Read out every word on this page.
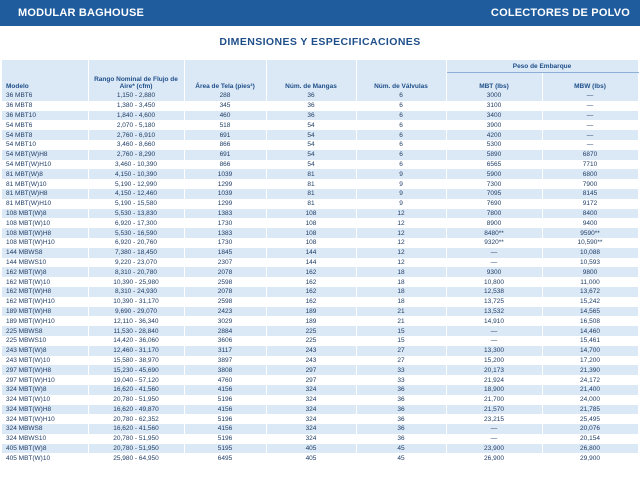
MODULAR BAGHOUSE	COLECTORES DE POLVO
DIMENSIONES Y ESPECIFICACIONES
Modelo	Rango Nominal de Flujo de Aire* (cfm)	Área de Tela (pies²)	Núm. de Mangas	Núm. de Válvulas	Peso de Embarque	
					MBT (lbs)	MBW (lbs)
36 MBT6	1,150 - 2,880	288	36	6	3000	—
36 MBT8	1,380 - 3,450	345	36	6	3100	—
36 MBT10	1,840 - 4,600	460	36	6	3400	—
54 MBT6	2,070 - 5,180	518	54	6	3900	—
54 MBT8	2,760 - 6,910	691	54	6	4200	—
54 MBT10	3,460 - 8,660	866	54	6	5300	—
54 MBT(W)H8	2,760 - 8,290	691	54	6	5890	6870
54 MBT(W)H10	3,460 - 10,390	866	54	6	6565	7710
81 MBT(W)8	4,150 - 10,390	1039	81	9	5900	6800
81 MBT(W)10	5,190 - 12,990	1299	81	9	7300	7900
81 MBT(W)H8	4,150 - 12,460	1039	81	9	7095	8145
81 MBT(W)H10	5,190 - 15,580	1299	81	9	7690	9172
108 MBT(W)8	5,530 - 13,830	1383	108	12	7800	8400
108 MBT(W)10	6,920 - 17,300	1730	108	12	8900	9400
108 MBT(W)H8	5,530 - 16,590	1383	108	12	8480**	9590**
108 MBT(W)H10	6,920 - 20,760	1730	108	12	9320**	10,590**
144 MBWS8	7,380 - 18,450	1845	144	12	—	10,088
144 MBWS10	9,220 - 23,070	2307	144	12	—	10,593
162 MBT(W)8	8,310 - 20,780	2078	162	18	9300	9800
162 MBT(W)10	10,390 - 25,980	2598	162	18	10,800	11,000
162 MBT(W)H8	8,310 - 24,930	2078	162	18	12,538	13,672
162 MBT(W)H10	10,390 - 31,170	2598	162	18	13,725	15,242
189 MBT(W)H8	9,690 - 29,070	2423	189	21	13,532	14,565
189 MBT(W)H10	12,110 - 36,340	3029	189	21	14,910	16,508
225 MBWS8	11,530 - 28,840	2884	225	15	—	14,460
225 MBWS10	14,420 - 36,060	3606	225	15	—	15,461
243 MBT(W)8	12,460 - 31,170	3117	243	27	13,300	14,700
243 MBT(W)10	15,580 - 38,970	3897	243	27	15,200	17,200
297 MBT(W)H8	15,230 - 45,690	3808	297	33	20,173	21,390
297 MBT(W)H10	19,040 - 57,120	4760	297	33	21,924	24,172
324 MBT(W)8	16,620 - 41,560	4156	324	36	18,900	21,400
324 MBT(W)10	20,780 - 51,950	5196	324	36	21,700	24,000
324 MBT(W)H8	16,620 - 49,870	4156	324	36	21,570	21,785
324 MBT(W)H10	20,780 - 62,352	5196	324	36	23,215	25,495
324 MBWS8	16,620 - 41,560	4156	324	36	—	20,076
324 MBWS10	20,780 - 51,950	5196	324	36	—	20,154
405 MBT(W)8	20,780 - 51,950	5195	405	45	23,900	26,800
405 MBT(W)10	25,980 - 64,950	6495	405	45	26,900	29,900
